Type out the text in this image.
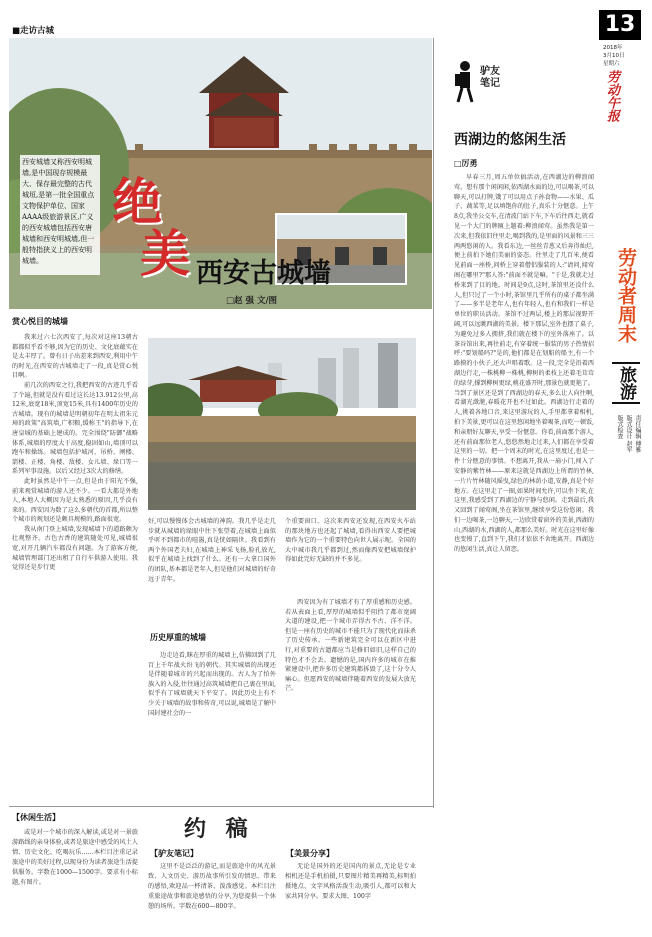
■走访古城	13
2018年
3月10日
星期六
劳动午报
西安城墙又称西安明城墙,是中国现存规模最大、保存最完整的古代城垣,是第一批全国重点文物保护单位、国家AAAA级旅游景区,广义的西安城墙包括西安唐城墙和西安明城墙,但一般特指狭义上的西安明城墙。
绝
美 西安古城墙
□赵 强 文/图
赏心悦目的城墙

我来过六七次西安了,每次对这座13朝古都都似乎看不够,因为它的历史、文化底蕴实在是太丰厚了。曾有日子出差来到西安,利用中午的时光,在西安的古城墙走了一段,真是赏心悦目啊。

前几次的西安之行,我把西安的古迹几乎看了个遍,但就是没有看过这长达13.912公里,高12米,底宽18米,顶宽15米,具有1400年历史的古城墙。现有的城墙是明朝初年在明太祖朱元璋的政策"高筑墙,广积粮,缓称王"的指导下,在唐皇城的基础上建成的。完全围绕"防御"战略体系,城墙的厚度大于高度,稳固如山,墙顶可以跑车和操练。城墙包括护城河、吊桥、闸楼、箭楼、正楼、角楼、敌楼、女儿墙、垛口等一系列军事设施。以后又经过3次大的修缮。

此时虽然是中午一点,但是由于阳光不强,前来观赏城墙的游人还不少。一看大都是外地人,本地人大概因为是太熟悉的原因,几乎没有来的。西安因为数了这么多朝代的首都,所以整个城市的规划还是颇具规模的,路面很宽。

我从南门登上城墙,发现城墙下的道路颇为壮观整齐。古色古香的建筑随处可见,城墙很宽,对开几辆汽车都没有问题。为了游客方便,城墙管理部门还出租了自行车供游人使用。我觉得还是步行更

好,可以慢慢体会古城墙的神韵。我几乎是走几步就从城墙的垛眼中往下张望着,在城墙上面似乎听不到都市的喧嚣,真是恍如隔世。我看到有两个外国老夫妇,在城墙上神采飞扬,脸孔放光,似乎在城墙上找到了什么。还有一大拿口国外的团队,基本都是老年人,但是他们对城墙的好奇远于青年。
历史厚重的城墙
边走边看,眯在厚重的城墙上,仿佛回到了几百上千年战火纷飞的朝代。其实城墙的出现还是伴随着城市的兴起而出现的。古人为了怕外族入的入侵,往往通过高筑城墙把自己裹在里面,似乎有了城墙就天下平安了。因此历史上有不少关于城墙的故事和传奇,可以说,城墙是了解中国封建社会的一
个重要窗口。这次来西安还发现,在西安火车站的那块地方也还起了城墙,看得出西安人要把城墙作为它的一个重要特色向世人展示呢。全国的大中城市我几乎都到过,然而像西安把城墙保护得如此完好无缺的并不多见。
西安因为有了城墙才有了厚重感和历史感。若从表面上看,厚厚的城墙似乎阻挡了都市宽阔大道的建设,把一个城市弄得古不古、洋不洋。但是一座有历史的城市不能只为了现代化而抹杀了历史传承。一些新建筑完全可以在新区中进行,对重要的古遗都应当是修旧如旧,这样自己的特色才不会丢。遗憾的是,国内许多的城市在推紧建设中,把许多历史建筑都拆毁了,这十分令人痛心。但愿西安的城墙伴随着西安的发展大放光芒。
驴友
笔记
西湖边的悠闲生活
□厉勇
早春三月,周五单位搞活动,在西湖边的柳浪闻莺。想有那个闲闲闲,依西湖水面的边,可以喝茶,可以聊天,可以打牌,饿了可以用点子孙食物——水果、瓜子、蔬菜等,足以填饱你的肚子,真乐十分惬意。上午8点,我坐公交车,在清波门站下车,下车后往西走,就看见一个大门的牌匾上题着:柳浪闻莺。虽然我是第一次来,但我依旧往里走,喝到我的,是里面的风景和三三两两悠闲的人。我看东边,一丝丝青葱又后奔得灿烂,便上前拍下她们美丽的姿态。往里走了几百米,便看见前面一座桥,问桥上穿着僧侣服装的人:"请问,闻莺阁在哪里?"那人答:"前面不就是嘛。"于是,我就走过桥来到了目的地。时间是9点,这时,茶馆里还没什么人,但只过了一个小时,茶馆里几乎所有的桌子都坐满了——多半是老年人,也有年轻人,也有和我们一样是单位的职员活动。茶馆不过两层,楼上的那层视野开阔,可以远眺西湖的美景。楼下那层,室外也摆了桌子,为避免过多人拥挤,我们就在楼下的室外落座了。以茶谷馆出来,再往前走,有穿着统一服装的男子热情招呼:"要划船吗?"是的,他们都是在划船的船主,有一个路摸的小伙子,还大声唱着歌。这一段,完全是沿着西湖边行走,一株桃柳一株桃,柳树的柔枝上还着毛茸茸的绿芽,撑到柳树更绿,桃花盛开时,那景色就更艳了。当到了景区还是到了西湖边的春天,多么让人向往啊,看湖光潋滟,春暖花开也不过如此。西湖边行走着的人,挑着各地口音,来这里游玩的人,手里都拿着相机,拍下美景,更可以在这里悠闲地坐着喝茶,而吃一顿饭,和亲朋好友聊天,享受一份惬意。你看,前面那个游人,还有前面那位老人,悠悠然地走过来,人们都在享受着这里的一切。把一个周末的时光,在这里度过,也是一件十分惬意的事情。不想离开,我从一扇小门,闯入了安静的紫竹林——原来这就是西湖边上所谓的竹林,一片片竹林随风摇曳,绿色的林荫小道,安静,真是个好地方。在这里走了一圈,如果时间允许,可以坐下来,在这里,我感受到了西湖边的宁静与悠闲。走到最后,我又回到了闻莺阁,坐在茶馆里,继续享受这份悠闲。我们一边喝茶,一边聊天,一边欣赏着窗外的美景,西湖的山,西湖的水,西湖的人,都那么美好。时光在这里好像也变慢了,直到下午,我们才依依不舍地离开。西湖边的悠闲生活,真让人留恋。
劳动者周末
旅游
责任编辑 傅雅
版式设计 赵军
版式检查
【休闲生活】
或是对一个城市的深入解读,或是对一景旅游路线的亲身体验,或者是旅途中感受的风土人情、历史文化、吃喝玩乐……本栏目注重记录旅途中的美好过程,以现身份为读者旅途生活提供服务。字数在1000—1500字。要求有小标题,有图片。
约 稿
【驴友笔记】
这里不是泛泛的游记,而是旅途中的风光景致、人文历史、游历故事所引发的情思、带来的感悟,欢迎品一杯清茶、泼泼感觉。本栏目注重旅途故事和旅途感悟的分享,为您提供一个休憩的场所。字数在600—800字。
【美景分享】
无论是国外的还是国内的景点,无论是专业相机还是手机拍摄,只要图片精美再精美,标明拍摄地点、文字风格活泼生动,吸引人,都可以和大家共同分享。要求大图、100字
